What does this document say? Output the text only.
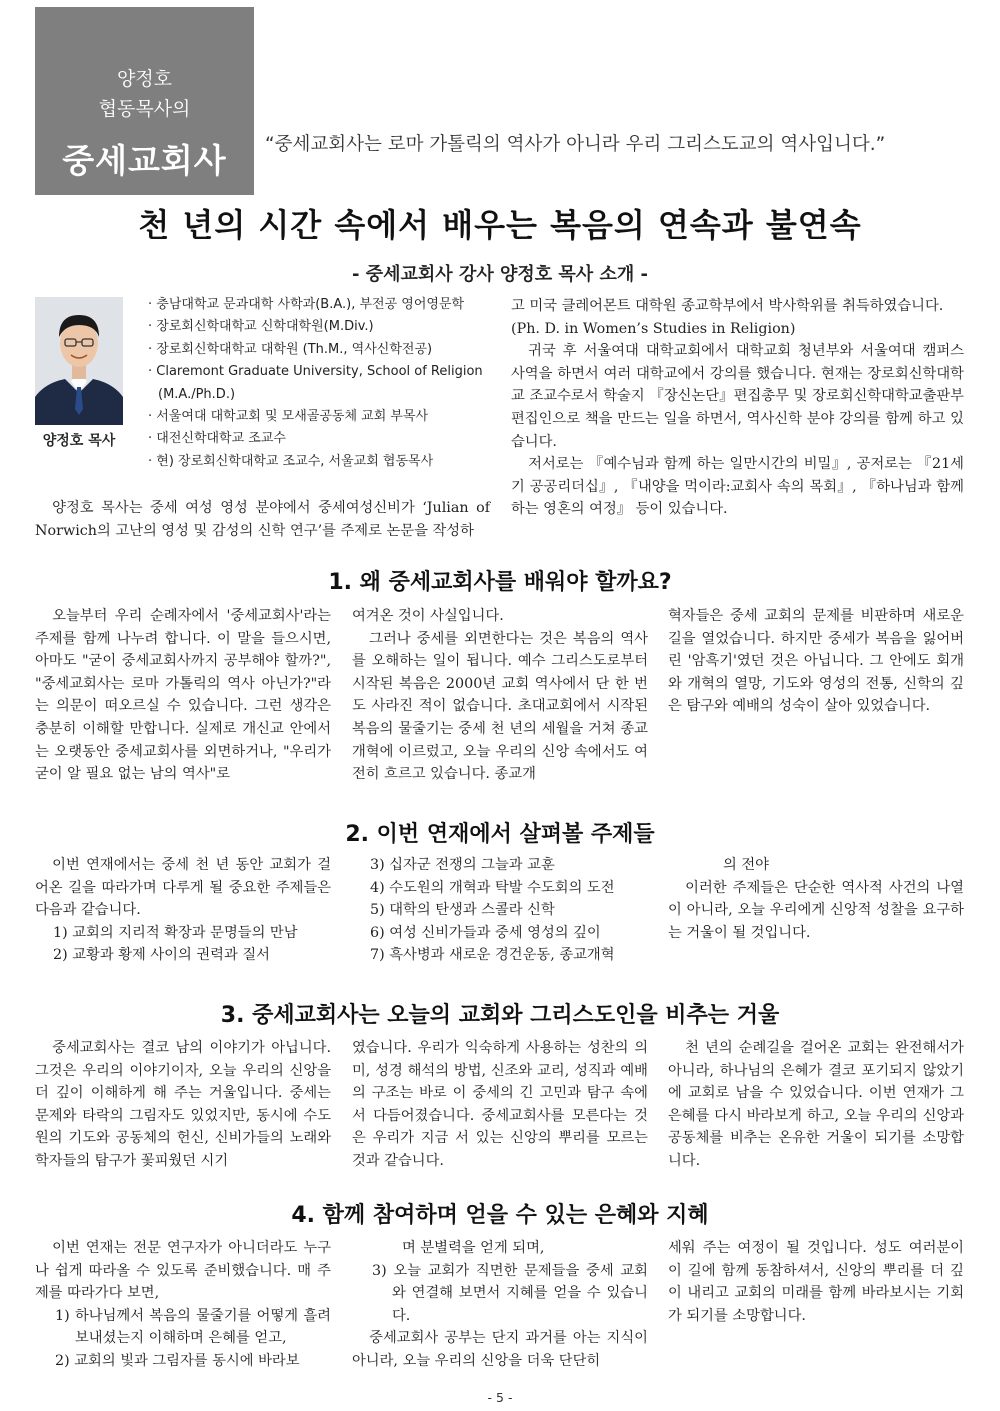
양정호
협동목사의
중세교회사	“중세교회사는 로마 가톨릭의 역사가 아니라 우리 그리스도교의 역사입니다.”
천 년의 시간 속에서 배우는 복음의 연속과 불연속
- 중세교회사 강사 양정호 목사 소개 -
양정호 목사
· 충남대학교 문과대학 사학과(B.A.), 부전공 영어영문학
· 장로회신학대학교 신학대학원(M.Div.)
· 장로회신학대학교 대학원 (Th.M., 역사신학전공)
· Claremont Graduate University, School of Religion
(M.A./Ph.D.)
· 서울여대 대학교회 및 모새골공동체 교회 부목사
· 대전신학대학교 조교수
· 현) 장로회신학대학교 조교수, 서울교회 협동목사

양정호 목사는 중세 여성 영성 분야에서 중세여성신비가 ‘Julian of Norwich의 고난의 영성 및 감성의 신학 연구’를 주제로 논문을 작성하

고 미국 클레어몬트 대학원 종교학부에서 박사학위를 취득하였습니다.

(Ph. D. in Women’s Studies in Religion)

귀국 후 서울여대 대학교회에서 대학교회 청년부와 서울여대 캠퍼스 사역을 하면서 여러 대학교에서 강의를 했습니다. 현재는 장로회신학대학교 조교수로서 학술지 『장신논단』편집총무 및 장로회신학대학교출판부 편집인으로 책을 만드는 일을 하면서, 역사신학 분야 강의를 함께 하고 있습니다.

저서로는 『예수님과 함께 하는 일만시간의 비밀』, 공저로는 『21세기 공공리더십』, 『내양을 먹이라:교회사 속의 목회』, 『하나님과 함께 하는 영혼의 여정』 등이 있습니다.

1. 왜 중세교회사를 배워야 할까요?

오늘부터 우리 순례자에서 '중세교회사'라는 주제를 함께 나누려 합니다. 이 말을 들으시면, 아마도 "굳이 중세교회사까지 공부해야 할까?", "중세교회사는 로마 가톨릭의 역사 아닌가?"라는 의문이 떠오르실 수 있습니다. 그런 생각은 충분히 이해할 만합니다. 실제로 개신교 안에서는 오랫동안 중세교회사를 외면하거나, "우리가 굳이 알 필요 없는 남의 역사"로

여겨온 것이 사실입니다.

그러나 중세를 외면한다는 것은 복음의 역사를 오해하는 일이 됩니다. 예수 그리스도로부터 시작된 복음은 2000년 교회 역사에서 단 한 번도 사라진 적이 없습니다. 초대교회에서 시작된 복음의 물줄기는 중세 천 년의 세월을 거쳐 종교개혁에 이르렀고, 오늘 우리의 신앙 속에서도 여전히 흐르고 있습니다. 종교개

혁자들은 중세 교회의 문제를 비판하며 새로운 길을 열었습니다. 하지만 중세가 복음을 잃어버린 '암흑기'였던 것은 아닙니다. 그 안에도 회개와 개혁의 열망, 기도와 영성의 전통, 신학의 깊은 탐구와 예배의 성숙이 살아 있었습니다.

2. 이번 연재에서 살펴볼 주제들

이번 연재에서는 중세 천 년 동안 교회가 걸어온 길을 따라가며 다루게 될 중요한 주제들은 다음과 같습니다.

1) 교회의 지리적 확장과 문명들의 만남

2) 교황과 황제 사이의 권력과 질서

3) 십자군 전쟁의 그늘과 교훈

4) 수도원의 개혁과 탁발 수도회의 도전

5) 대학의 탄생과 스콜라 신학

6) 여성 신비가들과 중세 영성의 깊이

7) 흑사병과 새로운 경건운동, 종교개혁

의 전야

이러한 주제들은 단순한 역사적 사건의 나열이 아니라, 오늘 우리에게 신앙적 성찰을 요구하는 거울이 될 것입니다.

3. 중세교회사는 오늘의 교회와 그리스도인을 비추는 거울

중세교회사는 결코 남의 이야기가 아닙니다. 그것은 우리의 이야기이자, 오늘 우리의 신앙을 더 깊이 이해하게 해 주는 거울입니다. 중세는 문제와 타락의 그림자도 있었지만, 동시에 수도원의 기도와 공동체의 헌신, 신비가들의 노래와 학자들의 탐구가 꽃피웠던 시기

였습니다. 우리가 익숙하게 사용하는 성찬의 의미, 성경 해석의 방법, 신조와 교리, 성직과 예배의 구조는 바로 이 중세의 긴 고민과 탐구 속에서 다듬어졌습니다. 중세교회사를 모른다는 것은 우리가 지금 서 있는 신앙의 뿌리를 모르는 것과 같습니다.

천 년의 순례길을 걸어온 교회는 완전해서가 아니라, 하나님의 은혜가 결코 포기되지 않았기에 교회로 남을 수 있었습니다. 이번 연재가 그 은혜를 다시 바라보게 하고, 오늘 우리의 신앙과 공동체를 비추는 온유한 거울이 되기를 소망합니다.

4. 함께 참여하며 얻을 수 있는 은혜와 지혜

이번 연재는 전문 연구자가 아니더라도 누구나 쉽게 따라올 수 있도록 준비했습니다. 매 주제를 따라가다 보면,

1) 하나님께서 복음의 물줄기를 어떻게 흘려보내셨는지 이해하며 은혜를 얻고,

2) 교회의 빛과 그림자를 동시에 바라보

며 분별력을 얻게 되며,

3) 오늘 교회가 직면한 문제들을 중세 교회와 연결해 보면서 지혜를 얻을 수 있습니다.

중세교회사 공부는 단지 과거를 아는 지식이 아니라, 오늘 우리의 신앙을 더욱 단단히

세워 주는 여정이 될 것입니다. 성도 여러분이 이 길에 함께 동참하셔서, 신앙의 뿌리를 더 깊이 내리고 교회의 미래를 함께 바라보시는 기회가 되기를 소망합니다.

- 5 -
